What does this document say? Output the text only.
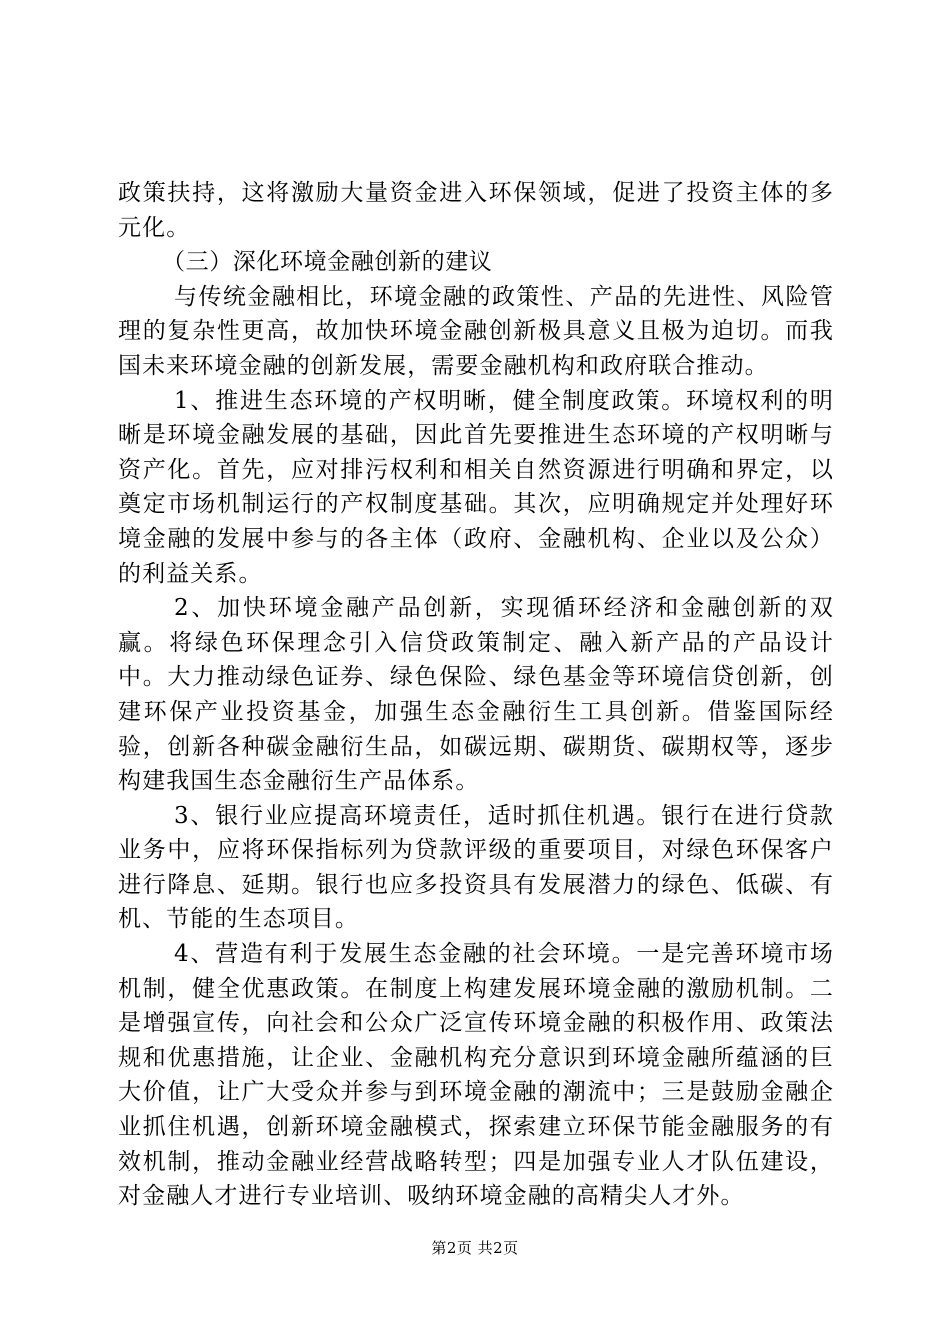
政策扶持，这将激励大量资金进入环保领域，促进了投资主体的多元化。

（三）深化环境金融创新的建议

与传统金融相比，环境金融的政策性、产品的先进性、风险管理的复杂性更高，故加快环境金融创新极具意义且极为迫切。而我国未来环境金融的创新发展，需要金融机构和政府联合推动。

1、推进生态环境的产权明晰，健全制度政策。环境权利的明晰是环境金融发展的基础，因此首先要推进生态环境的产权明晰与资产化。首先，应对排污权利和相关自然资源进行明确和界定，以奠定市场机制运行的产权制度基础。其次，应明确规定并处理好环境金融的发展中参与的各主体（政府、金融机构、企业以及公众）的利益关系。

2、加快环境金融产品创新，实现循环经济和金融创新的双赢。将绿色环保理念引入信贷政策制定、融入新产品的产品设计中。大力推动绿色证券、绿色保险、绿色基金等环境信贷创新，创建环保产业投资基金，加强生态金融衍生工具创新。借鉴国际经验，创新各种碳金融衍生品，如碳远期、碳期货、碳期权等，逐步构建我国生态金融衍生产品体系。

3、银行业应提高环境责任，适时抓住机遇。银行在进行贷款业务中，应将环保指标列为贷款评级的重要项目，对绿色环保客户进行降息、延期。银行也应多投资具有发展潜力的绿色、低碳、有机、节能的生态项目。

4、营造有利于发展生态金融的社会环境。一是完善环境市场机制，健全优惠政策。在制度上构建发展环境金融的激励机制。二是增强宣传，向社会和公众广泛宣传环境金融的积极作用、政策法规和优惠措施，让企业、金融机构充分意识到环境金融所蕴涵的巨大价值，让广大受众并参与到环境金融的潮流中；三是鼓励金融企业抓住机遇，创新环境金融模式，探索建立环保节能金融服务的有效机制，推动金融业经营战略转型；四是加强专业人才队伍建设，对金融人才进行专业培训、吸纳环境金融的高精尖人才外。

第2页 共2页
